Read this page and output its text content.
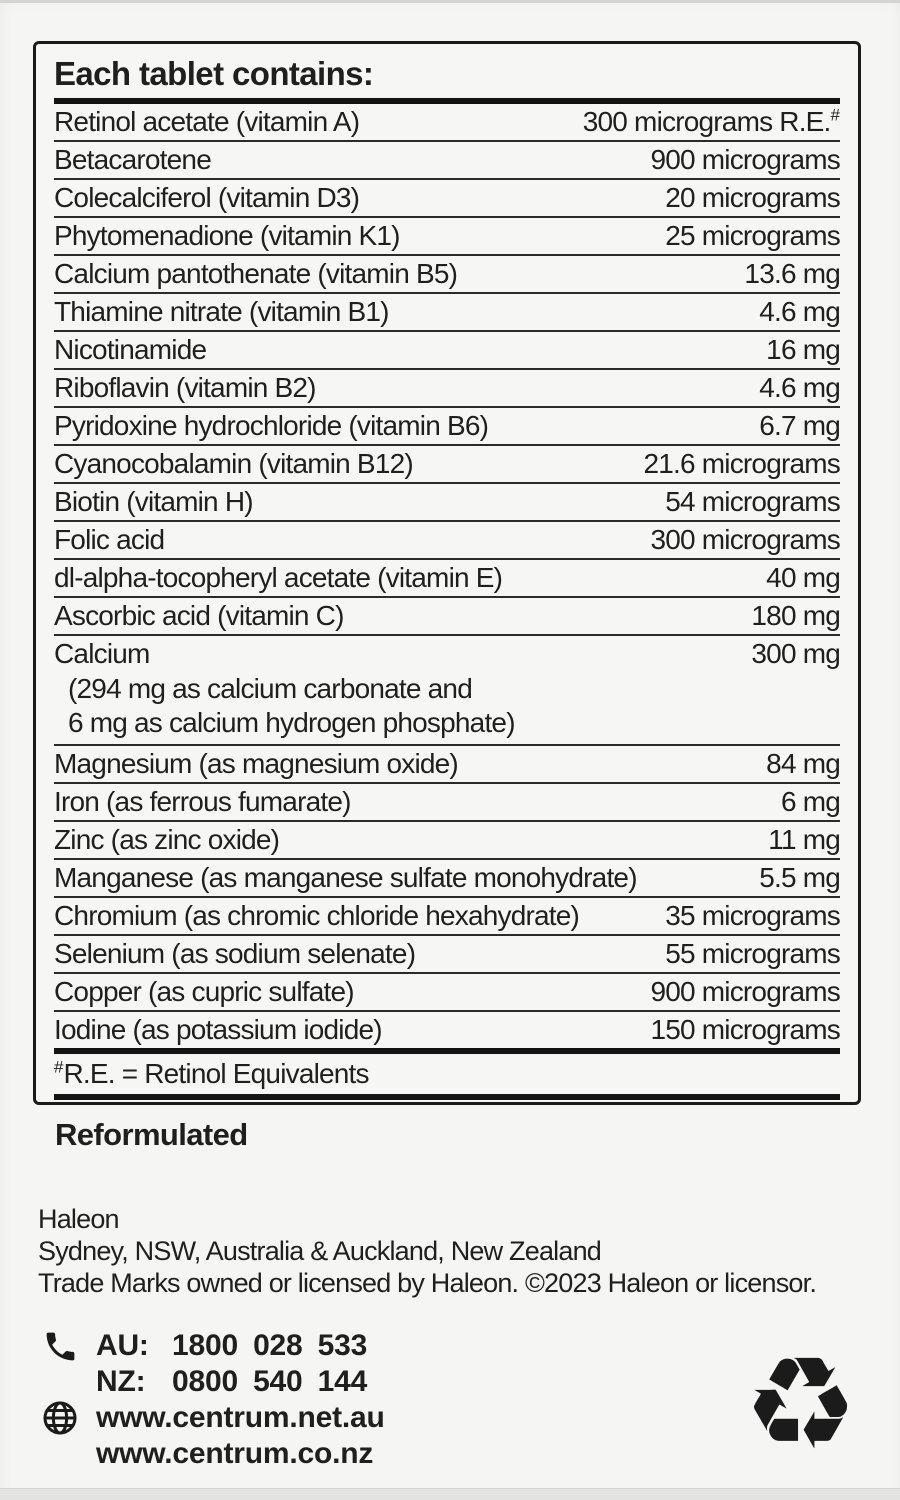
Each tablet contains:
Retinol acetate (vitamin A)	300 micrograms R.E.#
Betacarotene	900 micrograms
Colecalciferol (vitamin D3)	20 micrograms
Phytomenadione (vitamin K1)	25 micrograms
Calcium pantothenate (vitamin B5)	13.6 mg
Thiamine nitrate (vitamin B1)	4.6 mg
Nicotinamide	16 mg
Riboflavin (vitamin B2)	4.6 mg
Pyridoxine hydrochloride (vitamin B6)	6.7 mg
Cyanocobalamin (vitamin B12)	21.6 micrograms
Biotin (vitamin H)	54 micrograms
Folic acid	300 micrograms
dl-alpha-tocopheryl acetate (vitamin E)	40 mg
Ascorbic acid (vitamin C)	180 mg
Calcium	300 mg
(294 mg as calcium carbonate and
6 mg as calcium hydrogen phosphate)
Magnesium (as magnesium oxide)	84 mg
Iron (as ferrous fumarate)	6 mg
Zinc (as zinc oxide)	11 mg
Manganese (as manganese sulfate monohydrate)	5.5 mg
Chromium (as chromic chloride hexahydrate)	35 micrograms
Selenium (as sodium selenate)	55 micrograms
Copper (as cupric sulfate)	900 micrograms
Iodine (as potassium iodide)	150 micrograms
#R.E. = Retinol Equivalents
Reformulated
Haleon
Sydney, NSW, Australia & Auckland, New Zealand
Trade Marks owned or licensed by Haleon. ©2023 Haleon or licensor.
AU: 1800 028 533
NZ: 0800 540 144
www.centrum.net.au
www.centrum.co.nz	♻
